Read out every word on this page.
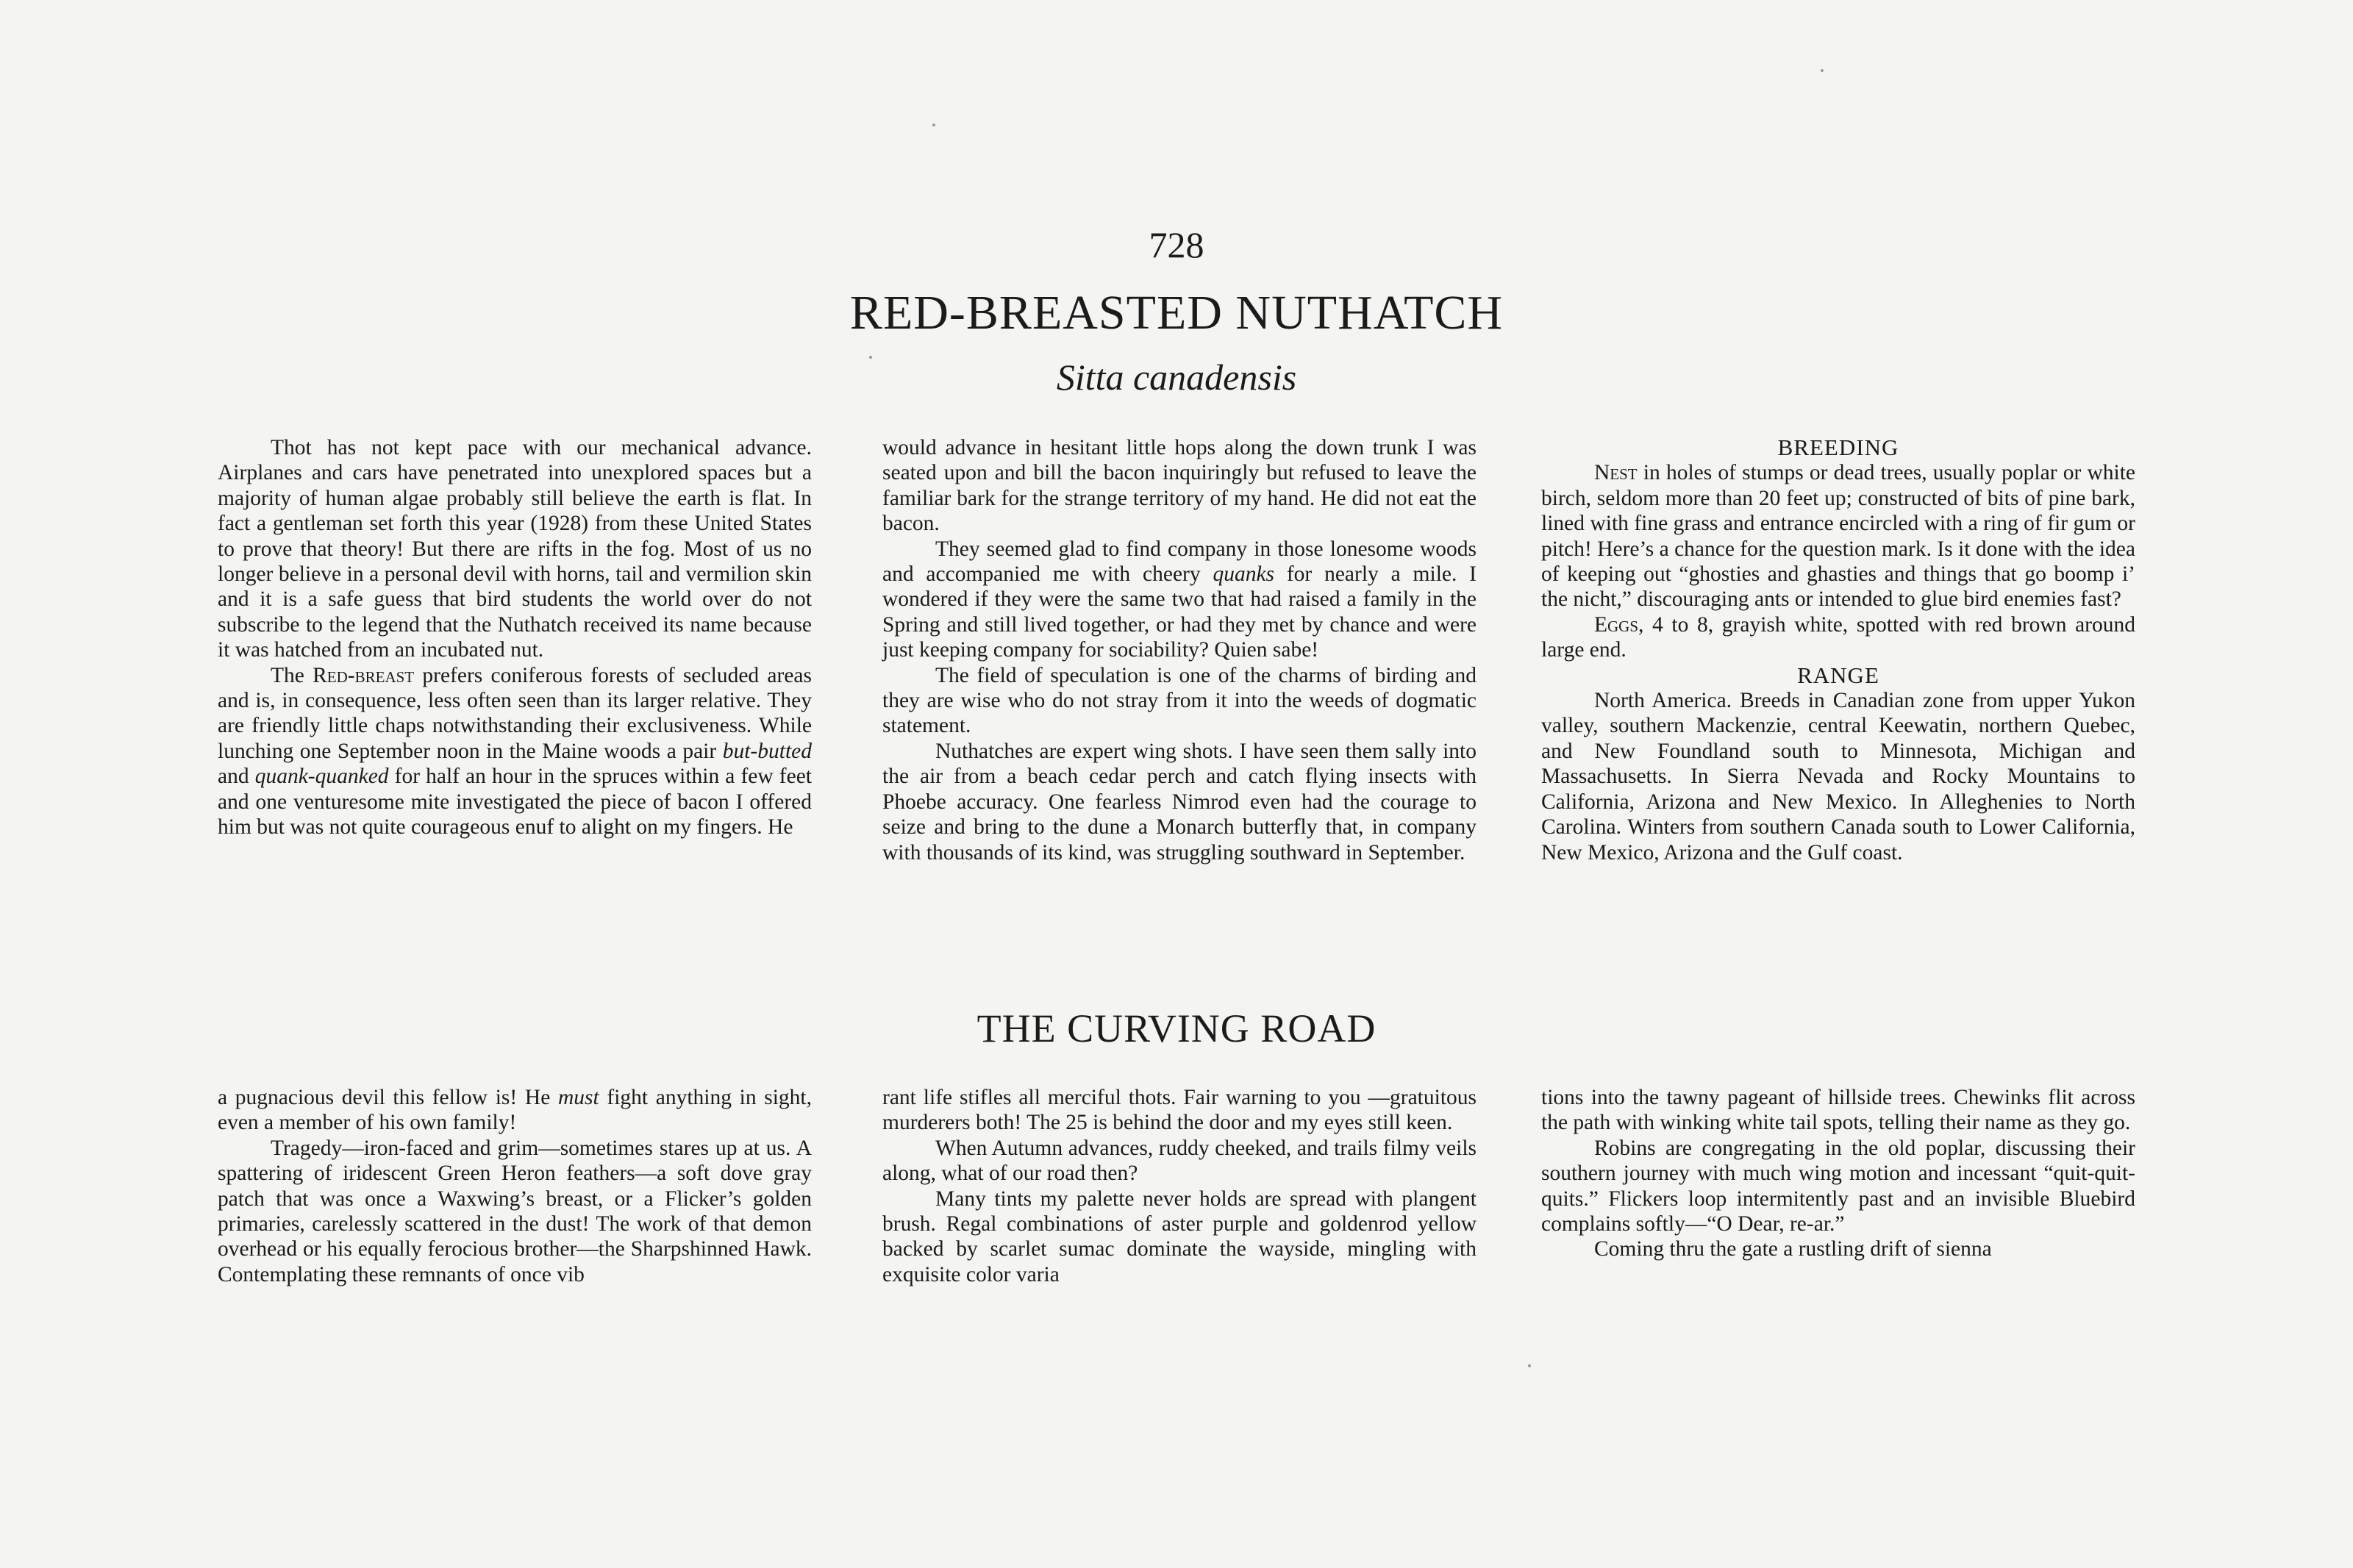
728
RED-BREASTED NUTHATCH
Sitta canadensis

Thot has not kept pace with our mechanical advance. Airplanes and cars have penetrated into unexplored spaces but a majority of human algae probably still believe the earth is flat. In fact a gentleman set forth this year (1928) from these United States to prove that theory! But there are rifts in the fog. Most of us no longer believe in a personal devil with horns, tail and vermilion skin and it is a safe guess that bird students the world over do not subscribe to the legend that the Nuthatch received its name because it was hatched from an incubated nut.

The Red-breast prefers coniferous forests of secluded areas and is, in consequence, less often seen than its larger relative. They are friendly little chaps notwithstanding their exclusiveness. While lunching one September noon in the Maine woods a pair but-butted and quank-quanked for half an hour in the spruces within a few feet and one venturesome mite investigated the piece of bacon I offered him but was not quite courageous enuf to alight on my fingers. He

would advance in hesitant little hops along the down trunk I was seated upon and bill the bacon inquiringly but refused to leave the familiar bark for the strange territory of my hand. He did not eat the bacon.

They seemed glad to find company in those lonesome woods and accompanied me with cheery quanks for nearly a mile. I wondered if they were the same two that had raised a family in the Spring and still lived together, or had they met by chance and were just keeping company for sociability? Quien sabe!

The field of speculation is one of the charms of birding and they are wise who do not stray from it into the weeds of dogmatic statement.

Nuthatches are expert wing shots. I have seen them sally into the air from a beach cedar perch and catch flying insects with Phoebe accuracy. One fearless Nimrod even had the courage to seize and bring to the dune a Monarch butterfly that, in company with thousands of its kind, was struggling southward in September.

BREEDING

Nest in holes of stumps or dead trees, usually poplar or white birch, seldom more than 20 feet up; constructed of bits of pine bark, lined with fine grass and entrance encircled with a ring of fir gum or pitch! Here’s a chance for the question mark. Is it done with the idea of keeping out “ghosties and ghasties and things that go boomp i’ the nicht,” discouraging ants or intended to glue bird enemies fast?

Eggs, 4 to 8, grayish white, spotted with red brown around large end.

RANGE

North America. Breeds in Canadian zone from upper Yukon valley, southern Mackenzie, central Keewatin, northern Quebec, and New Foundland south to Minnesota, Michigan and Massachusetts. In Sierra Nevada and Rocky Mountains to California, Arizona and New Mexico. In Alleghenies to North Carolina. Winters from southern Canada south to Lower California, New Mexico, Arizona and the Gulf coast.

THE CURVING ROAD

a pugnacious devil this fellow is! He must fight anything in sight, even a member of his own family!

Tragedy—iron-faced and grim—sometimes stares up at us. A spattering of iridescent Green Heron feathers—a soft dove gray patch that was once a Waxwing’s breast, or a Flicker’s golden primaries, carelessly scattered in the dust! The work of that demon overhead or his equally ferocious brother—the Sharpshinned Hawk. Contemplating these remnants of once vib

rant life stifles all merciful thots. Fair warning to you —gratuitous murderers both! The 25 is behind the door and my eyes still keen.

When Autumn advances, ruddy cheeked, and trails filmy veils along, what of our road then?

Many tints my palette never holds are spread with plangent brush. Regal combinations of aster purple and goldenrod yellow backed by scarlet sumac dominate the wayside, mingling with exquisite color varia

tions into the tawny pageant of hillside trees. Chewinks flit across the path with winking white tail spots, telling their name as they go.

Robins are congregating in the old poplar, discussing their southern journey with much wing motion and incessant “quit-quit-quits.” Flickers loop intermitently past and an invisible Bluebird complains softly—“O Dear, re-ar.”

Coming thru the gate a rustling drift of sienna
